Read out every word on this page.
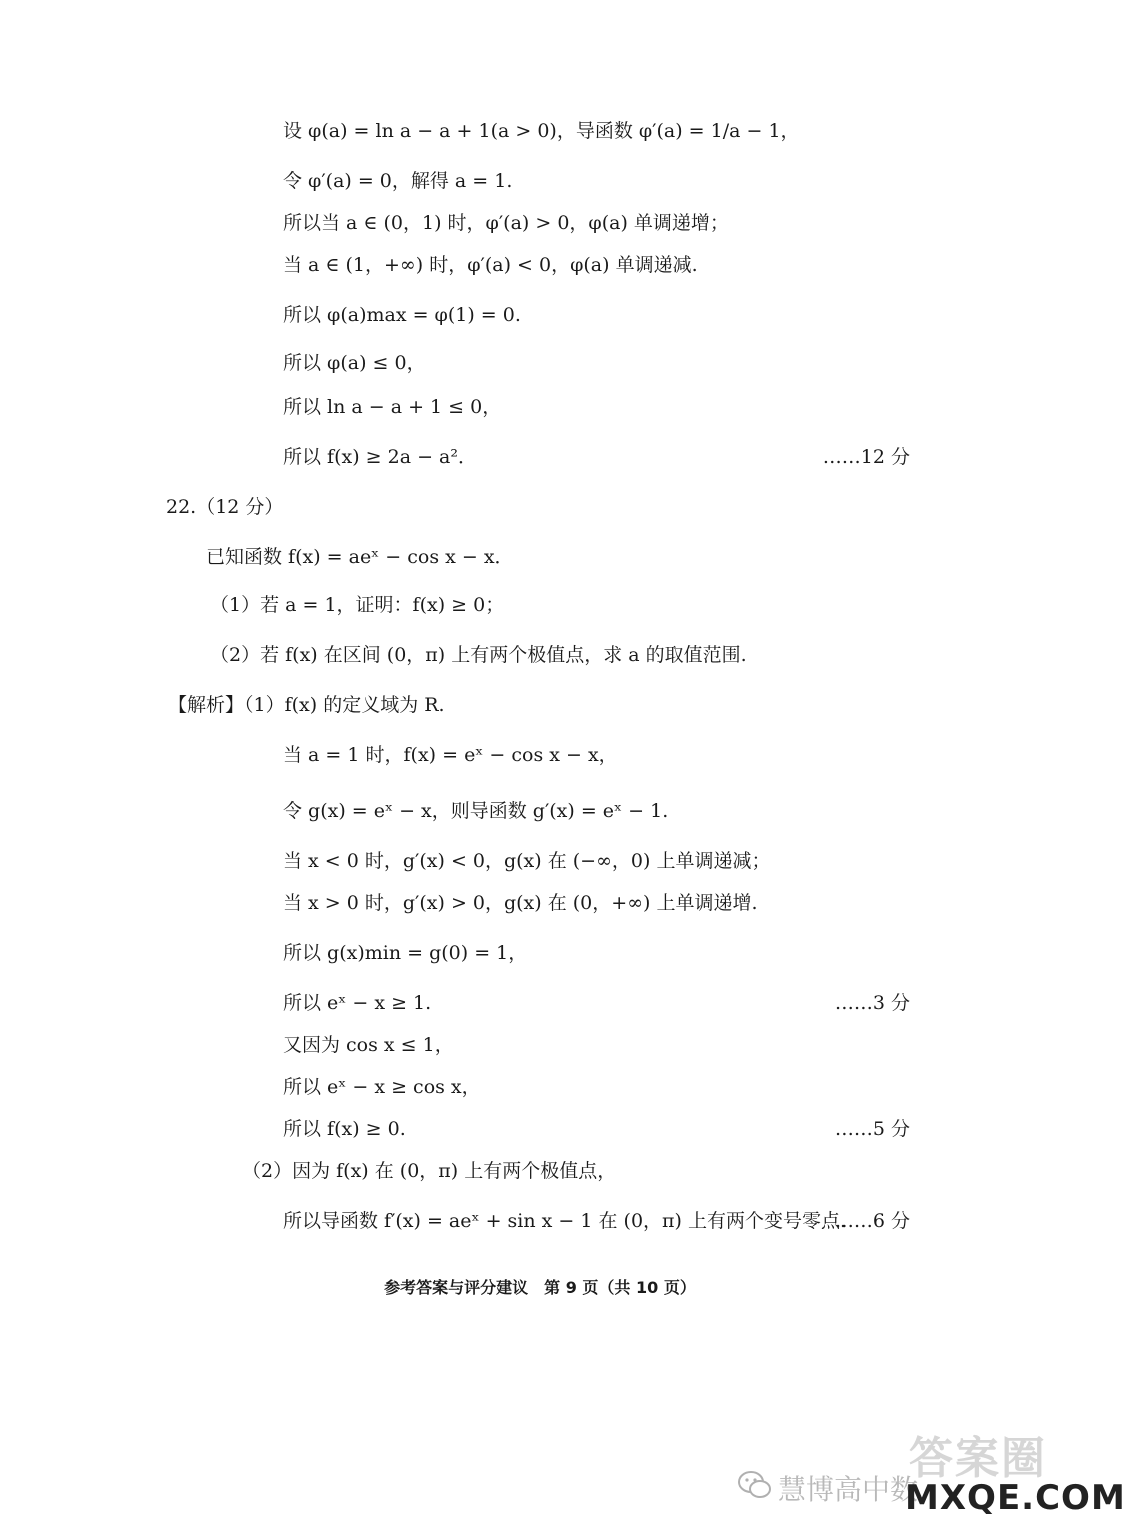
设 φ(a) = ln a − a + 1(a > 0)，导函数 φ′(a) = 1/a − 1，
令 φ′(a) = 0，解得 a = 1.
所以当 a ∈ (0，1) 时，φ′(a) > 0，φ(a) 单调递增；
当 a ∈ (1，+∞) 时，φ′(a) < 0，φ(a) 单调递减.
所以 φ(a)max = φ(1) = 0.
所以 φ(a) ≤ 0，
所以 ln a − a + 1 ≤ 0，
所以 f(x) ≥ 2a − a²．
22.（12 分）
已知函数 f(x) = aeˣ − cos x − x．
（1）若 a = 1，证明：f(x) ≥ 0；
（2）若 f(x) 在区间 (0，π) 上有两个极值点，求 a 的取值范围.
【解析】（1）f(x) 的定义域为 R.
当 a = 1 时，f(x) = eˣ − cos x − x，
令 g(x) = eˣ − x，则导函数 g′(x) = eˣ − 1.
当 x < 0 时，g′(x) < 0，g(x) 在 (−∞，0) 上单调递减；
当 x > 0 时，g′(x) > 0，g(x) 在 (0，+∞) 上单调递增.
所以 g(x)min = g(0) = 1，
所以 eˣ − x ≥ 1.
又因为 cos x ≤ 1，
所以 eˣ − x ≥ cos x，
所以 f(x) ≥ 0.
（2）因为 f(x) 在 (0，π) 上有两个极值点，
所以导函数 f′(x) = aeˣ + sin x − 1 在 (0，π) 上有两个变号零点.
……12 分
……3 分
……5 分
……6 分
参考答案与评分建议　第 9 页（共 10 页）
慧博高中数
答案圈
MXQE.COM
